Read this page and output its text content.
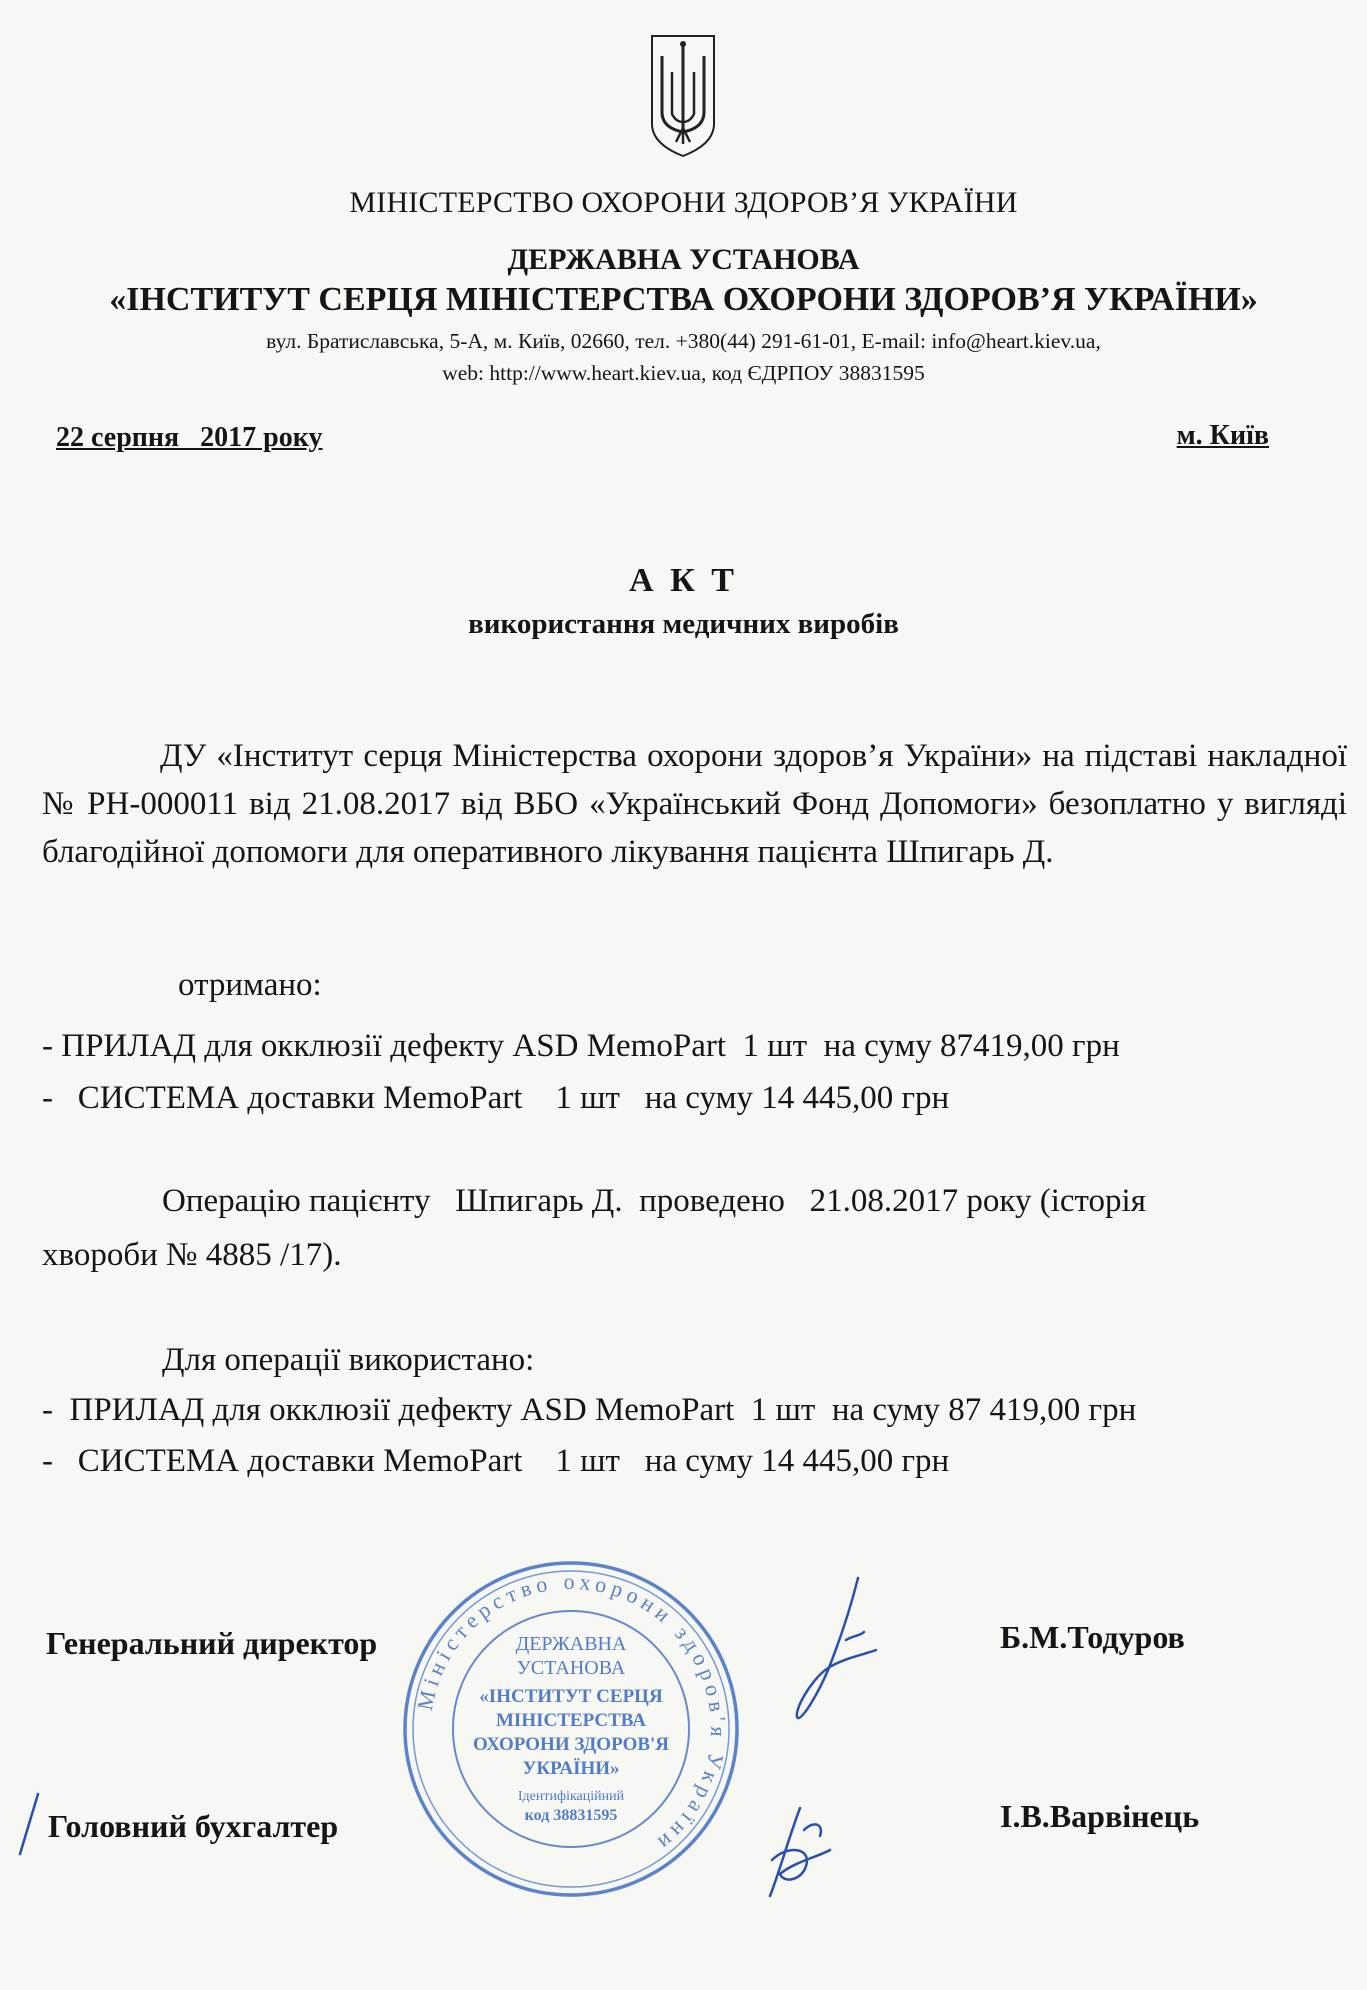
МІНІСТЕРСТВО ОХОРОНИ ЗДОРОВ’Я УКРАЇНИ
ДЕРЖАВНА УСТАНОВА
«ІНСТИТУТ СЕРЦЯ МІНІСТЕРСТВА ОХОРОНИ ЗДОРОВ’Я УКРАЇНИ»
вул. Братиславська, 5-А, м. Київ, 02660, тел. +380(44) 291-61-01, E-mail: info@heart.kiev.ua,
web: http://www.heart.kiev.ua, код ЄДРПОУ 38831595
22 серпня   2017 року	м. Київ
А К Т
використання медичних виробів
ДУ «Інститут серця Міністерства охорони здоров’я України» на підставі накладної № РН-000011 від 21.08.2017 від ВБО «Український Фонд Допомоги» безоплатно у вигляді благодійної допомоги для оперативного лікування пацієнта Шпигарь Д.
отримано:
- ПРИЛАД для окклюзії дефекту ASD MemoPart  1 шт  на суму 87419,00 грн
-   СИСТЕМА доставки MemoPart    1 шт   на суму 14 445,00 грн
Операцію пацієнту   Шпигарь Д.  проведено   21.08.2017 року (історія
хвороби № 4885 /17).
Для операції використано:
-  ПРИЛАД для окклюзії дефекту ASD MemoPart  1 шт  на суму 87 419,00 грн
-   СИСТЕМА доставки MemoPart    1 шт   на суму 14 445,00 грн
Генеральний директор	Б.М.Тодуров
Головний бухгалтер	І.В.Варвінець
Міністерство охорони здоров'я України
ДЕРЖАВНА
УСТАНОВА
«ІНСТИТУТ СЕРЦЯ
МІНІСТЕРСТВА
ОХОРОНИ ЗДОРОВ'Я
УКРАЇНИ»
Ідентифікаційний
код 38831595
